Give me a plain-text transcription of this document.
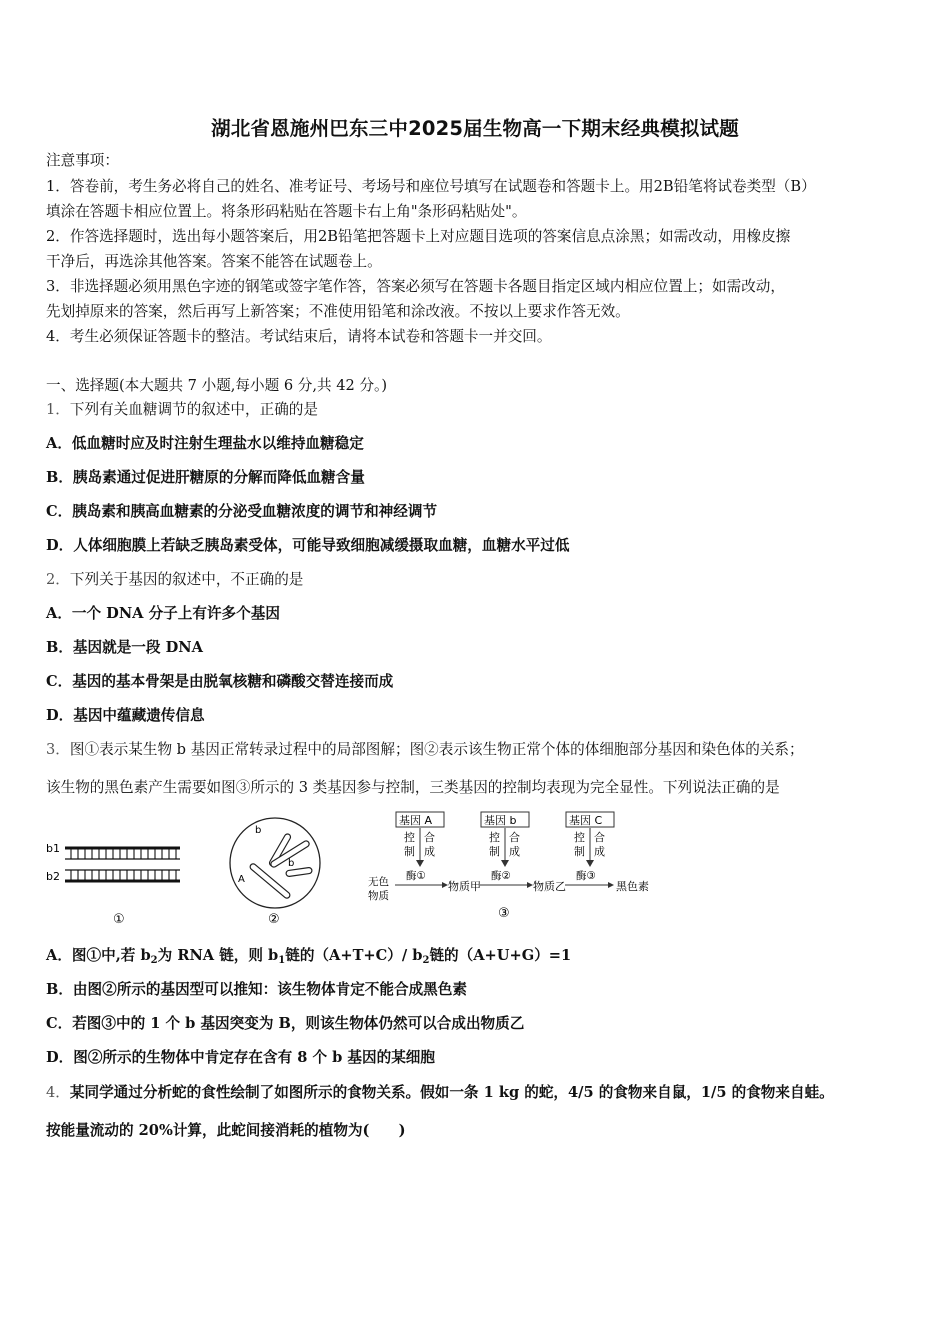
湖北省恩施州巴东三中2025届生物高一下期末经典模拟试题
注意事项：
1．答卷前，考生务必将自己的姓名、准考证号、考场号和座位号填写在试题卷和答题卡上。用2B铅笔将试卷类型（B）
填涂在答题卡相应位置上。将条形码粘贴在答题卡右上角"条形码粘贴处"。
2．作答选择题时，选出每小题答案后，用2B铅笔把答题卡上对应题目选项的答案信息点涂黑；如需改动，用橡皮擦
干净后，再选涂其他答案。答案不能答在试题卷上。
3．非选择题必须用黑色字迹的钢笔或签字笔作答，答案必须写在答题卡各题目指定区域内相应位置上；如需改动，
先划掉原来的答案，然后再写上新答案；不准使用铅笔和涂改液。不按以上要求作答无效。
4．考生必须保证答题卡的整洁。考试结束后，请将本试卷和答题卡一并交回。
一、选择题(本大题共 7 小题,每小题 6 分,共 42 分。)
1．下列有关血糖调节的叙述中，正确的是
A．低血糖时应及时注射生理盐水以维持血糖稳定
B．胰岛素通过促进肝糖原的分解而降低血糖含量
C．胰岛素和胰高血糖素的分泌受血糖浓度的调节和神经调节
D．人体细胞膜上若缺乏胰岛素受体，可能导致细胞减缓摄取血糖，血糖水平过低
2．下列关于基因的叙述中，不正确的是
A．一个 DNA 分子上有许多个基因
B．基因就是一段 DNA
C．基因的基本骨架是由脱氧核糖和磷酸交替连接而成
D．基因中蕴藏遗传信息
3．图①表示某生物 b 基因正常转录过程中的局部图解；图②表示该生物正常个体的体细胞部分基因和染色体的关系；
该生物的黑色素产生需要如图③所示的 3 类基因参与控制，三类基因的控制均表现为完全显性。下列说法正确的是
b1
b2
①
b
b
A
②
基因 A	基因 b	基因 C
控 合
制 成
控 合
制 成
控 合
制 成
酶①	酶②	酶③
无色
物质
物质甲	物质乙	黑色素
③
A．图①中,若 $b_2$为 RNA 链，则 $b_1$链的（A+T+C）/ $b_2$链的（A+U+G）=1
B．由图②所示的基因型可以推知：该生物体肯定不能合成黑色素
C．若图③中的 1 个 b 基因突变为 B，则该生物体仍然可以合成出物质乙
D．图②所示的生物体中肯定存在含有 8 个 b 基因的某细胞
4．某同学通过分析蛇的食性绘制了如图所示的食物关系。假如一条 1 kg 的蛇，4/5 的食物来自鼠，1/5 的食物来自蛙。
按能量流动的 20%计算，此蛇间接消耗的植物为(　　)
